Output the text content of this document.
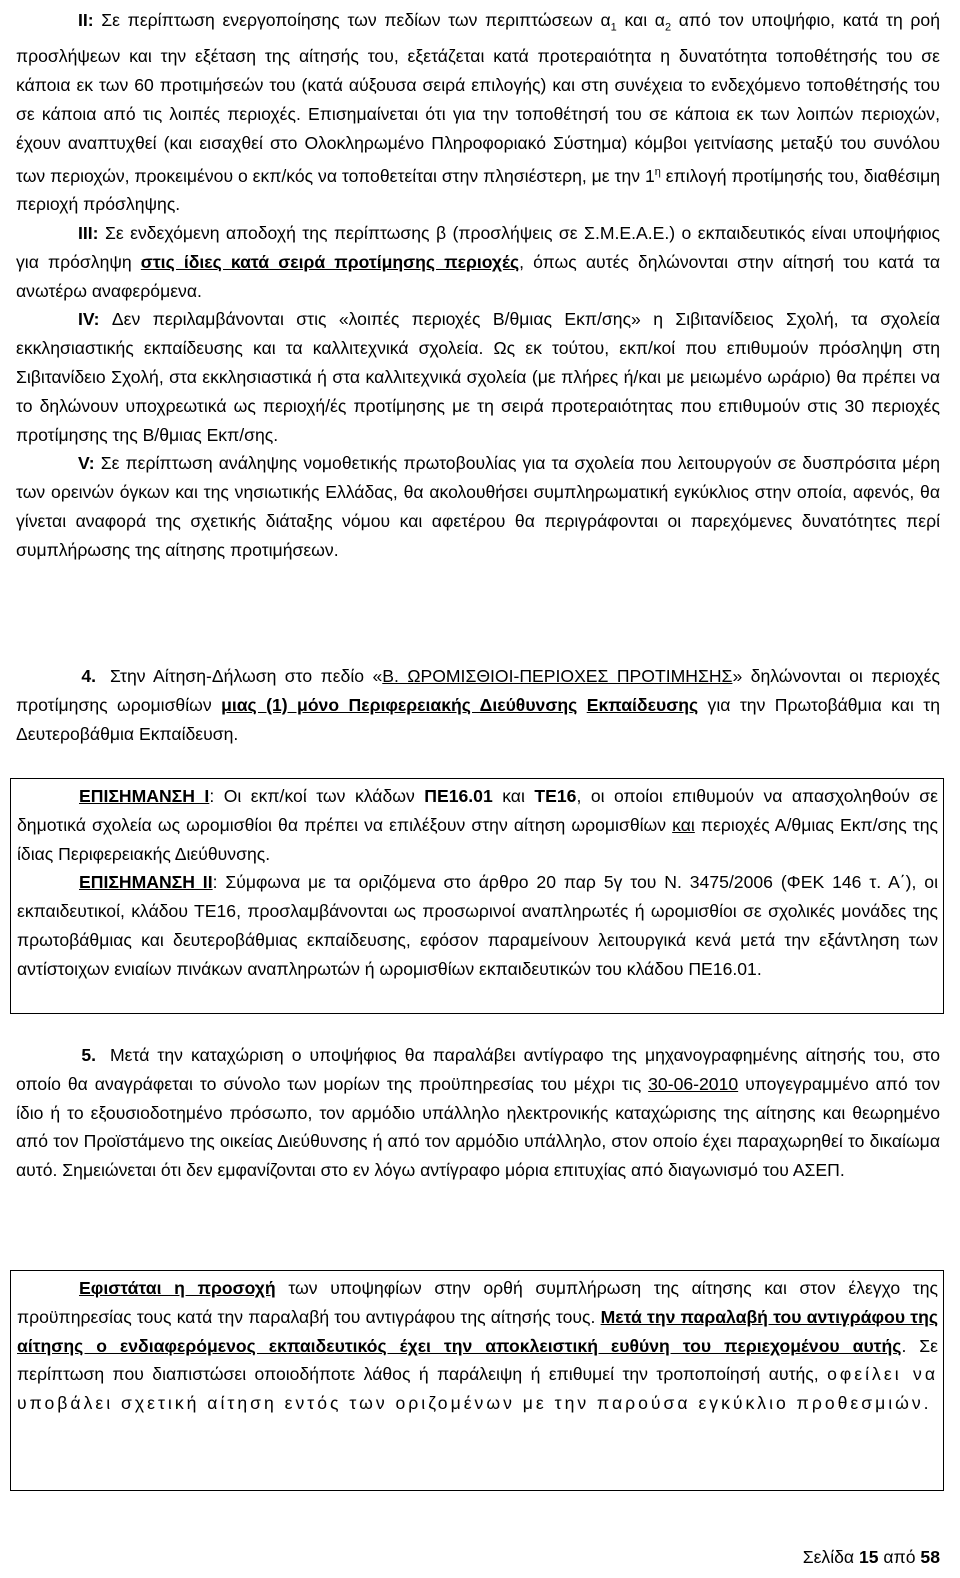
ΙΙ: Σε περίπτωση ενεργοποίησης των πεδίων των περιπτώσεων $\alpha_1$ και $\alpha_2$ από τον υποψήφιο, κατά τη ροή προσλήψεων και την εξέταση της αίτησής του, εξετάζεται κατά προτεραιότητα η δυνατότητα τοποθέτησής του σε κάποια εκ των 60 προτιμήσεών του (κατά αύξουσα σειρά επιλογής) και στη συνέχεια το ενδεχόμενο τοποθέτησής του σε κάποια από τις λοιπές περιοχές. Επισημαίνεται ότι για την τοποθέτησή του σε κάποια εκ των λοιπών περιοχών, έχουν αναπτυχθεί (και εισαχθεί στο Ολοκληρωμένο Πληροφοριακό Σύστημα) κόμβοι γειτνίασης μεταξύ του συνόλου των περιοχών, προκειμένου ο εκπ/κός να τοποθετείται στην πλησιέστερη, με την $1^\eta$ επιλογή προτίμησής του, διαθέσιμη περιοχή πρόσληψης.

ΙΙΙ: Σε ενδεχόμενη αποδοχή της περίπτωσης β (προσλήψεις σε Σ.Μ.Ε.Α.Ε.) ο εκπαιδευτικός είναι υποψήφιος για πρόσληψη στις ίδιες κατά σειρά προτίμησης περιοχές, όπως αυτές δηλώνονται στην αίτησή του κατά τα ανωτέρω αναφερόμενα.

IV: Δεν περιλαμβάνονται στις «λοιπές περιοχές Β/θμιας Εκπ/σης» η Σιβιτανίδειος Σχολή, τα σχολεία εκκλησιαστικής εκπαίδευσης και τα καλλιτεχνικά σχολεία. Ως εκ τούτου, εκπ/κοί που επιθυμούν πρόσληψη στη Σιβιτανίδειο Σχολή, στα εκκλησιαστικά ή στα καλλιτεχνικά σχολεία (με πλήρες ή/και με μειωμένο ωράριο) θα πρέπει να το δηλώνουν υποχρεωτικά ως περιοχή/ές προτίμησης με τη σειρά προτεραιότητας που επιθυμούν στις 30 περιοχές προτίμησης της Β/θμιας Εκπ/σης.

V: Σε περίπτωση ανάληψης νομοθετικής πρωτοβουλίας για τα σχολεία που λειτουργούν σε δυσπρόσιτα μέρη των ορεινών όγκων και της νησιωτικής Ελλάδας, θα ακολουθήσει συμπληρωματική εγκύκλιος στην οποία, αφενός, θα γίνεται αναφορά της σχετικής διάταξης νόμου και αφετέρου θα περιγράφονται οι παρεχόμενες δυνατότητες περί συμπλήρωσης της αίτησης προτιμήσεων.

4. Στην Αίτηση-Δήλωση στο πεδίο «Β. ΩΡΟΜΙΣΘΙΟΙ-ΠΕΡΙΟΧΕΣ ΠΡΟΤΙΜΗΣΗΣ» δηλώνονται οι περιοχές προτίμησης ωρομισθίων μιας (1) μόνο Περιφερειακής Διεύθυνσης Εκπαίδευσης για την Πρωτοβάθμια και τη Δευτεροβάθμια Εκπαίδευση.

ΕΠΙΣΗΜΑΝΣΗ Ι: Οι εκπ/κοί των κλάδων ΠΕ16.01 και ΤΕ16, οι οποίοι επιθυμούν να απασχοληθούν σε δημοτικά σχολεία ως ωρομισθίοι θα πρέπει να επιλέξουν στην αίτηση ωρομισθίων και περιοχές Α/θμιας Εκπ/σης της ίδιας Περιφερειακής Διεύθυνσης.

ΕΠΙΣΗΜΑΝΣΗ ΙΙ: Σύμφωνα με τα οριζόμενα στο άρθρο 20 παρ 5γ του Ν. 3475/2006 (ΦΕΚ 146 τ. Α΄), οι εκπαιδευτικοί, κλάδου ΤΕ16, προσλαμβάνονται ως προσωρινοί αναπληρωτές ή ωρομισθίοι σε σχολικές μονάδες της πρωτοβάθμιας και δευτεροβάθμιας εκπαίδευσης, εφόσον παραμείνουν λειτουργικά κενά μετά την εξάντληση των αντίστοιχων ενιαίων πινάκων αναπληρωτών ή ωρομισθίων εκπαιδευτικών του κλάδου ΠΕ16.01.

5. Μετά την καταχώριση ο υποψήφιος θα παραλάβει αντίγραφο της μηχανογραφημένης αίτησής του, στο οποίο θα αναγράφεται το σύνολο των μορίων της προϋπηρεσίας του μέχρι τις 30-06-2010 υπογεγραμμένο από τον ίδιο ή το εξουσιοδοτημένο πρόσωπο, τον αρμόδιο υπάλληλο ηλεκτρονικής καταχώρισης της αίτησης και θεωρημένο από τον Προϊστάμενο της οικείας Διεύθυνσης ή από τον αρμόδιο υπάλληλο, στον οποίο έχει παραχωρηθεί το δικαίωμα αυτό. Σημειώνεται ότι δεν εμφανίζονται στο εν λόγω αντίγραφο μόρια επιτυχίας από διαγωνισμό του ΑΣΕΠ.

Εφιστάται η προσοχή των υποψηφίων στην ορθή συμπλήρωση της αίτησης και στον έλεγχο της προϋπηρεσίας τους κατά την παραλαβή του αντιγράφου της αίτησής τους. Μετά την παραλαβή του αντιγράφου της αίτησης ο ενδιαφερόμενος εκπαιδευτικός έχει την αποκλειστική ευθύνη του περιεχομένου αυτής. Σε περίπτωση που διαπιστώσει οποιοδήποτε λάθος ή παράλειψη ή επιθυμεί την τροποποίησή αυτής, οφείλει να υποβάλει σχετική αίτηση εντός των οριζομένων με την παρούσα εγκύκλιο προθεσμιών.

Σελίδα 15 από 58
